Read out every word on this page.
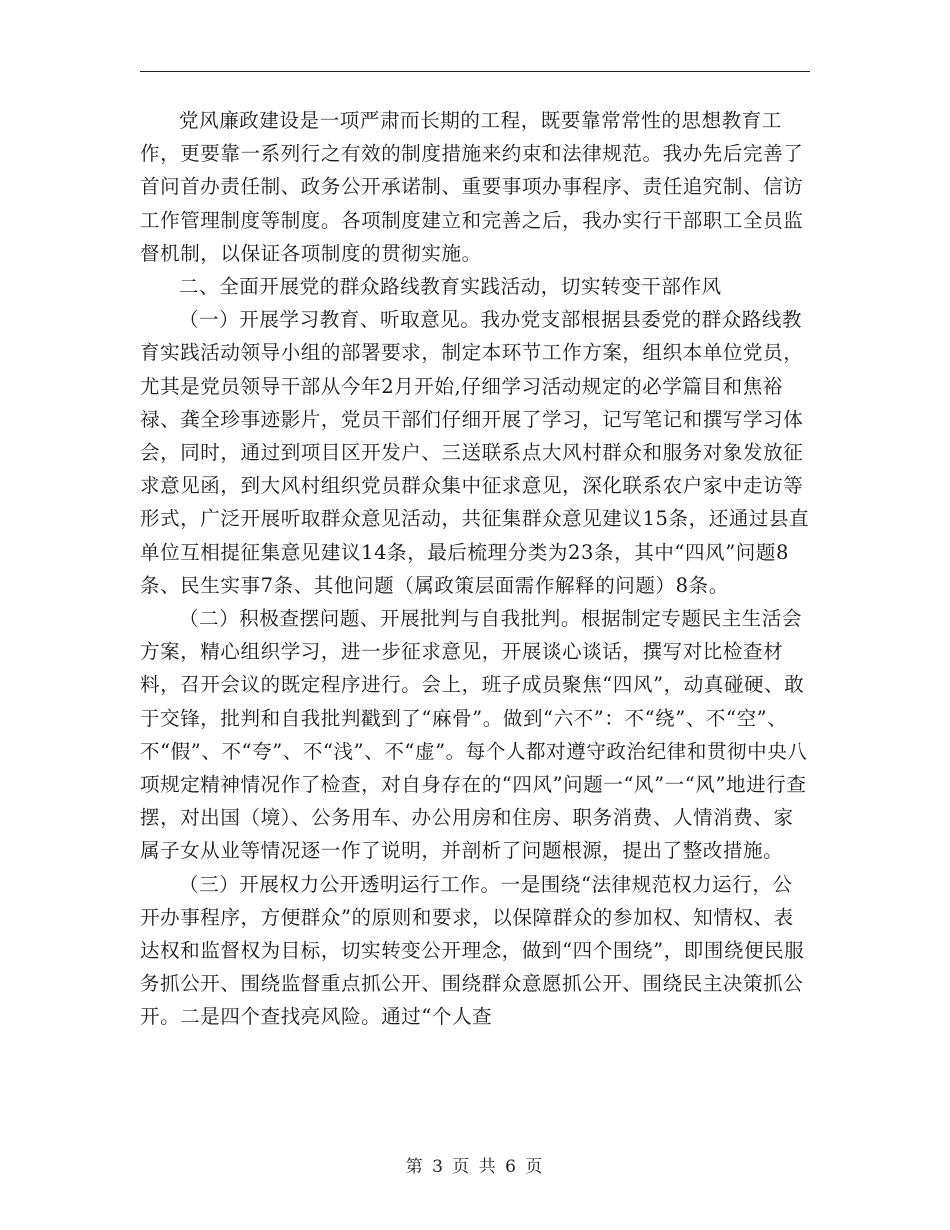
党风廉政建设是一项严肃而长期的工程，既要靠常常性的思想教育工作，更要靠一系列行之有效的制度措施来约束和法律规范。我办先后完善了首问首办责任制、政务公开承诺制、重要事项办事程序、责任追究制、信访工作管理制度等制度。各项制度建立和完善之后，我办实行干部职工全员监督机制，以保证各项制度的贯彻实施。

二、全面开展党的群众路线教育实践活动，切实转变干部作风

（一）开展学习教育、听取意见。我办党支部根据县委党的群众路线教育实践活动领导小组的部署要求，制定本环节工作方案，组织本单位党员，尤其是党员领导干部从今年2月开始,仔细学习活动规定的必学篇目和焦裕禄、龚全珍事迹影片，党员干部们仔细开展了学习，记写笔记和撰写学习体会，同时，通过到项目区开发户、三送联系点大风村群众和服务对象发放征求意见函，到大风村组织党员群众集中征求意见，深化联系农户家中走访等形式，广泛开展听取群众意见活动，共征集群众意见建议15条，还通过县直单位互相提征集意见建议14条，最后梳理分类为23条，其中“四风”问题8条、民生实事7条、其他问题（属政策层面需作解释的问题）8条。

（二）积极查摆问题、开展批判与自我批判。根据制定专题民主生活会方案，精心组织学习，进一步征求意见，开展谈心谈话，撰写对比检查材料，召开会议的既定程序进行。会上，班子成员聚焦“四风”，动真碰硬、敢于交锋，批判和自我批判戳到了“麻骨”。做到“六不”：不“绕”、不“空”、不“假”、不“夸”、不“浅”、不“虚”。每个人都对遵守政治纪律和贯彻中央八项规定精神情况作了检查，对自身存在的“四风”问题一“风”一“风”地进行查摆，对出国（境）、公务用车、办公用房和住房、职务消费、人情消费、家属子女从业等情况逐一作了说明，并剖析了问题根源，提出了整改措施。

（三）开展权力公开透明运行工作。一是围绕“法律规范权力运行，公开办事程序，方便群众”的原则和要求，以保障群众的参加权、知情权、表达权和监督权为目标，切实转变公开理念，做到“四个围绕”，即围绕便民服务抓公开、围绕监督重点抓公开、围绕群众意愿抓公开、围绕民主决策抓公开。二是四个查找亮风险。通过“个人查

第 3 页 共 6 页
